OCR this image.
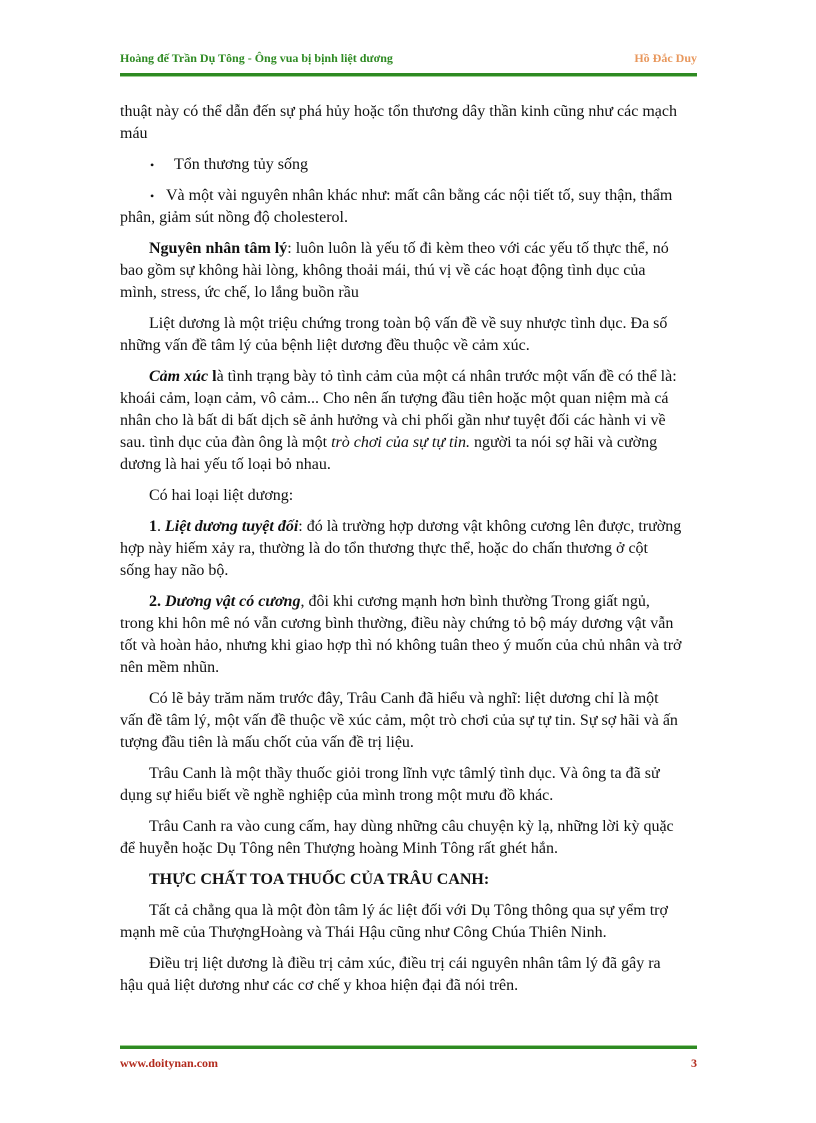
Hoàng đế Trần Dụ Tông - Ông vua bị bịnh liệt dương	Hồ Đắc Duy

thuật này có thể dẫn đến sự phá hủy hoặc tổn thương dây thần kinh cũng như các mạch máu

• Tổn thương tủy sống
• Và một vài nguyên nhân khác như: mất cân bằng các nội tiết tố, suy thận, thẩm phân, giảm sút nồng độ cholesterol.

Nguyên nhân tâm lý: luôn luôn là yếu tố đi kèm theo với các yếu tố thực thể, nó bao gồm sự không hài lòng, không thoải mái, thú vị về các hoạt động tình dục của mình, stress, ức chế, lo lắng buồn rầu

Liệt dương là một triệu chứng trong toàn bộ vấn đề về suy nhược tình dục. Đa số những vấn đề tâm lý của bệnh liệt dương đều thuộc về cảm xúc.

Cảm xúc là tình trạng bày tỏ tình cảm của một cá nhân trước một vấn đề có thể là: khoái cảm, loạn cảm, vô cảm... Cho nên ấn tượng đầu tiên hoặc một quan niệm mà cá nhân cho là bất di bất dịch sẽ ảnh hưởng và chi phối gần như tuyệt đối các hành vi về sau. tình dục của đàn ông là một trò chơi của sự tự tin. người ta nói sợ hãi và cường dương là hai yếu tố loại bỏ nhau.

Có hai loại liệt dương:

1. Liệt dương tuyệt đối: đó là trường hợp dương vật không cương lên được, trường hợp này hiếm xảy ra, thường là do tổn thương thực thể, hoặc do chấn thương ở cột sống hay não bộ.

2. Dương vật có cương, đôi khi cương mạnh hơn bình thường Trong giất ngủ, trong khi hôn mê nó vẫn cương bình thường, điều này chứng tỏ bộ máy dương vật vẫn tốt và hoàn hảo, nhưng khi giao hợp thì nó không tuân theo ý muốn của chủ nhân và trở nên mềm nhũn.

Có lẽ bảy trăm năm trước đây, Trâu Canh đã hiểu và nghĩ: liệt dương chỉ là một vấn đề tâm lý, một vấn đề thuộc về xúc cảm, một trò chơi của sự tự tin. Sự sợ hãi và ấn tượng đầu tiên là mấu chốt của vấn đề trị liệu.

Trâu Canh là một thầy thuốc giỏi trong lĩnh vực tâmlý tình dục. Và ông ta đã sử dụng sự hiểu biết về nghề nghiệp của mình trong một mưu đồ khác.

Trâu Canh ra vào cung cấm, hay dùng những câu chuyện kỳ lạ, những lời kỳ quặc để huyễn hoặc Dụ Tông nên Thượng hoàng Minh Tông rất ghét hắn.

THỰC CHẤT TOA THUỐC CỦA TRÂU CANH:

Tất cả chẳng qua là một đòn tâm lý ác liệt đối với Dụ Tông thông qua sự yểm trợ mạnh mẽ của ThượngHoàng và Thái Hậu cũng như Công Chúa Thiên Ninh.

Điều trị liệt dương là điều trị cảm xúc, điều trị cái nguyên nhân tâm lý đã gây ra hậu quả liệt dương như các cơ chế y khoa hiện đại đã nói trên.

www.doitynan.com	3
